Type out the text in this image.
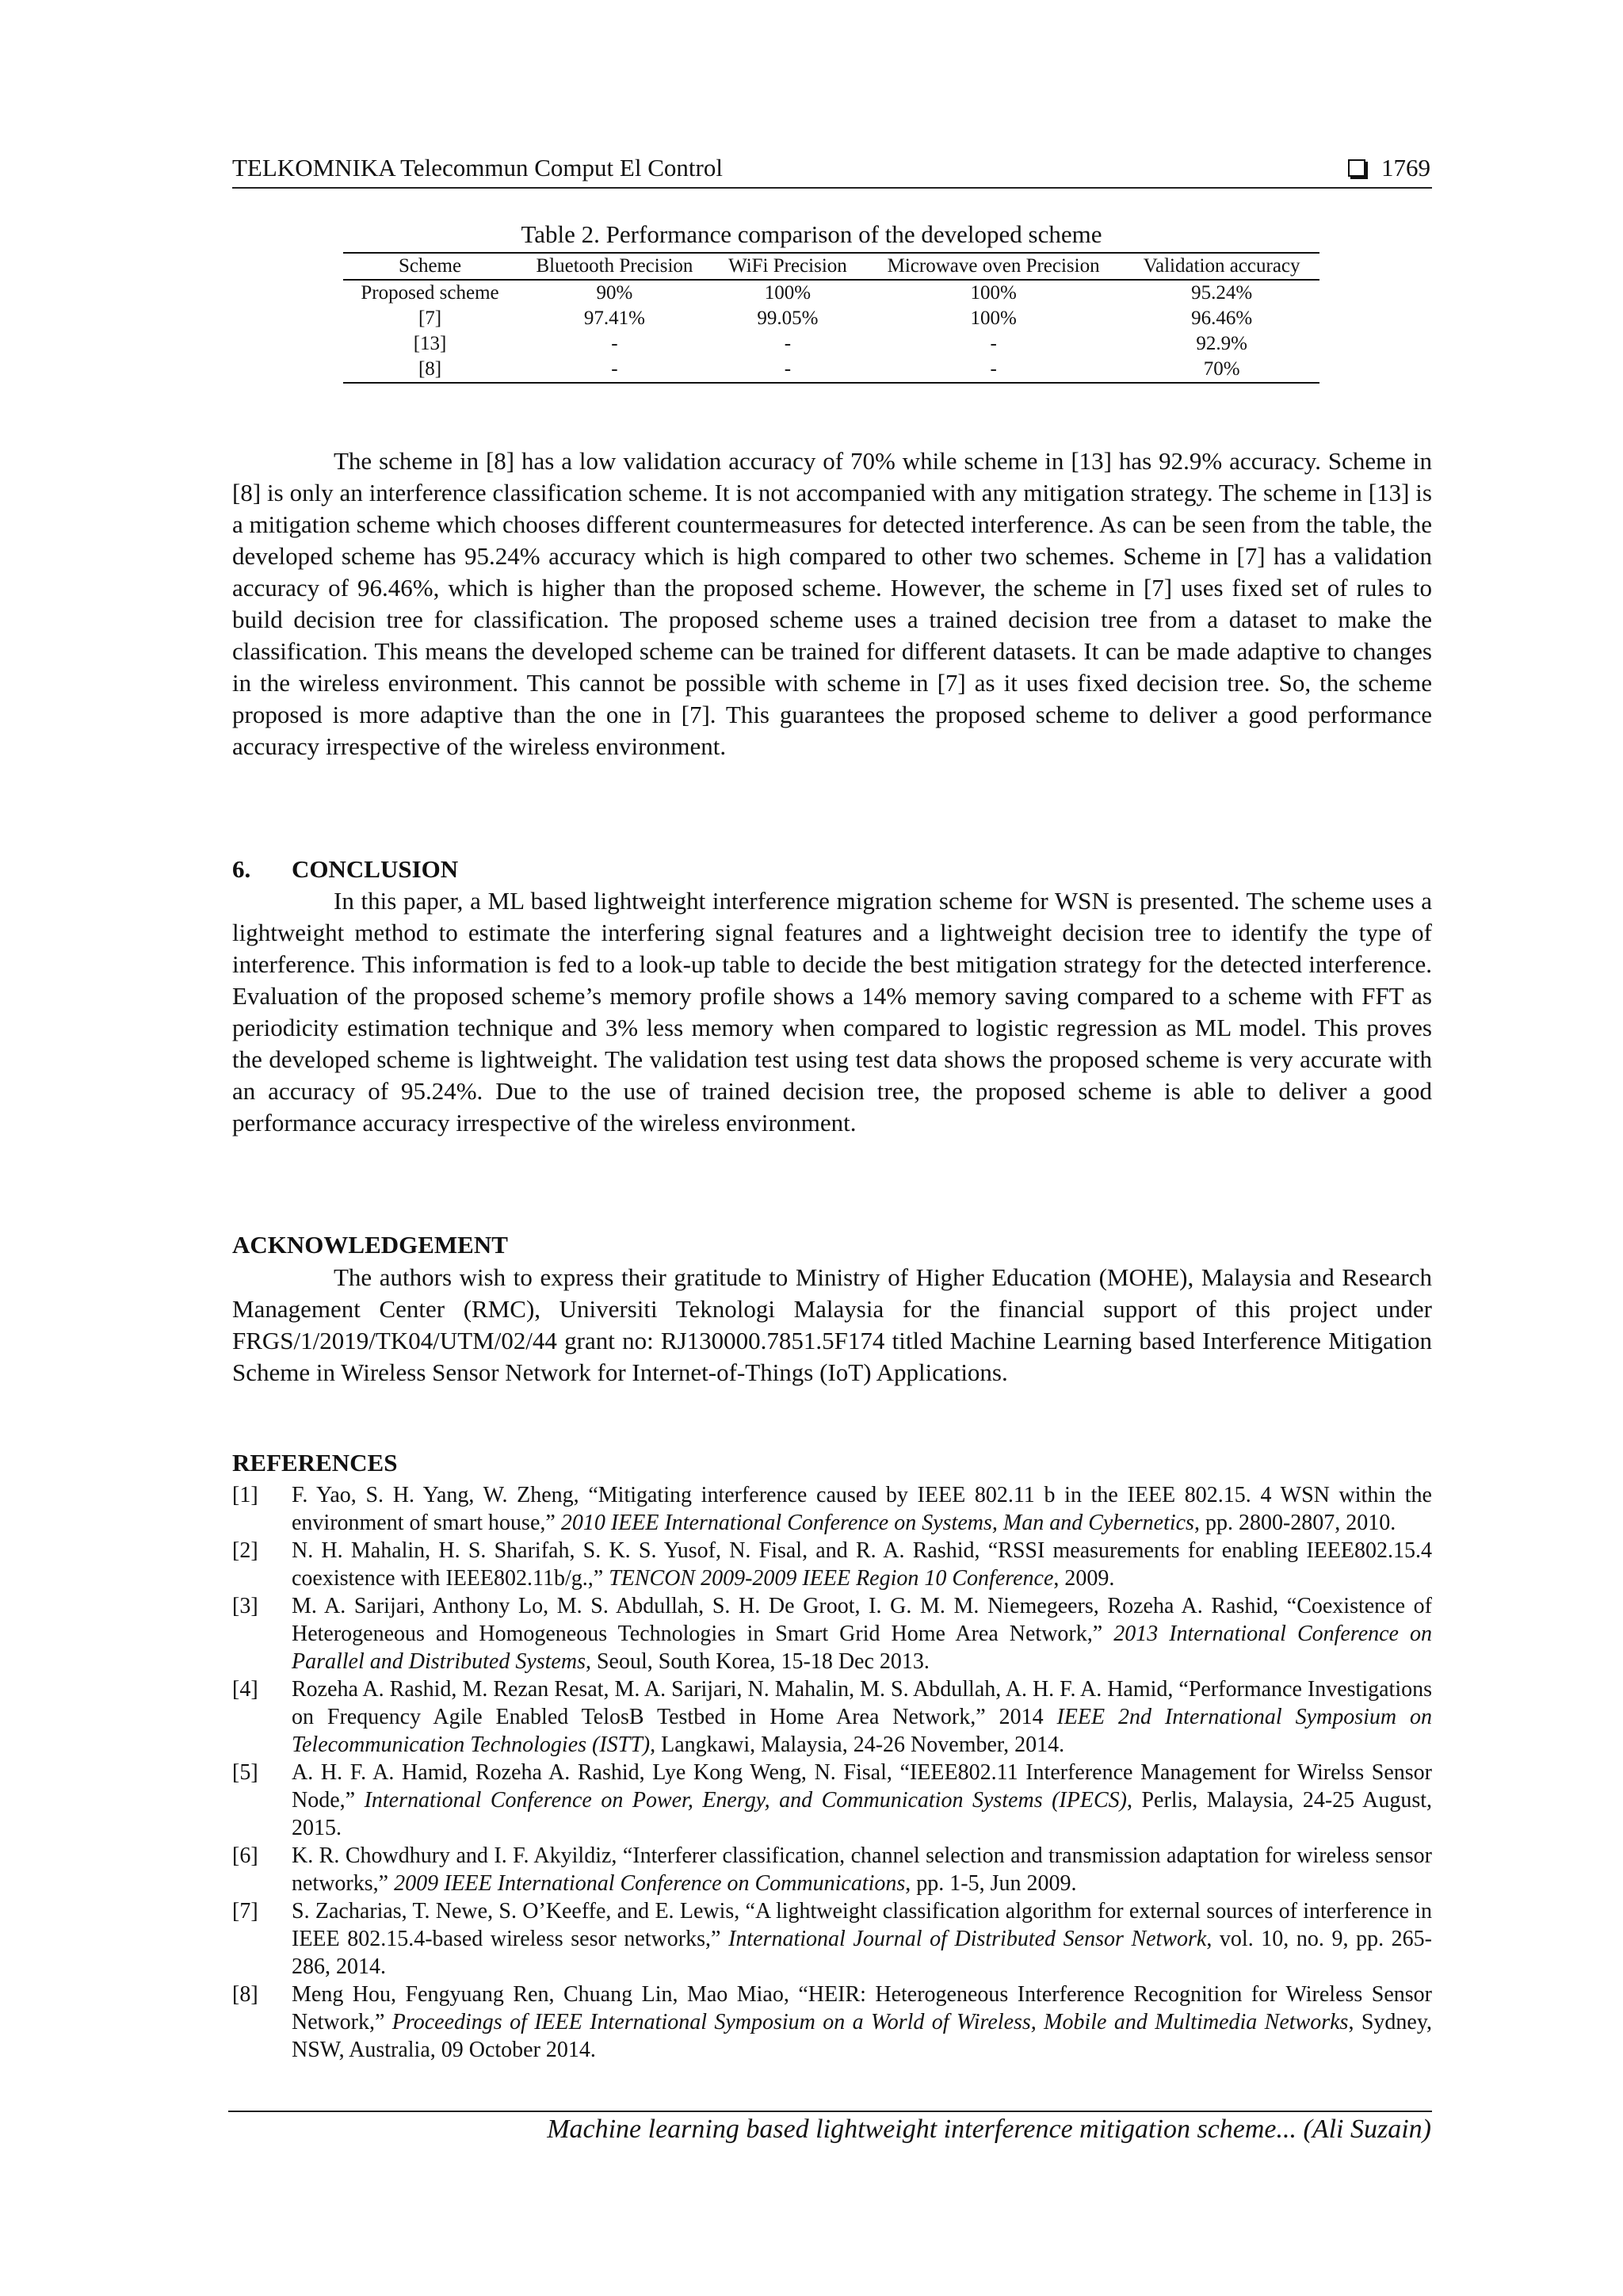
TELKOMNIKA Telecommun Comput El Control	1769
Table 2. Performance comparison of the developed scheme
Scheme	Bluetooth Precision	WiFi Precision	Microwave oven Precision	Validation accuracy
Proposed scheme	90%	100%	100%	95.24%
[7]	97.41%	99.05%	100%	96.46%
[13]	-	-	-	92.9%
[8]	-	-	-	70%

The scheme in [8] has a low validation accuracy of 70% while scheme in [13] has 92.9% accuracy. Scheme in [8] is only an interference classification scheme. It is not accompanied with any mitigation strategy. The scheme in [13] is a mitigation scheme which chooses different countermeasures for detected interference. As can be seen from the table, the developed scheme has 95.24% accuracy which is high compared to other two schemes. Scheme in [7] has a validation accuracy of 96.46%, which is higher than the proposed scheme. However, the scheme in [7] uses fixed set of rules to build decision tree for classification. The proposed scheme uses a trained decision tree from a dataset to make the classification. This means the developed scheme can be trained for different datasets. It can be made adaptive to changes in the wireless environment. This cannot be possible with scheme in [7] as it uses fixed decision tree. So, the scheme proposed is more adaptive than the one in [7]. This guarantees the proposed scheme to deliver a good performance accuracy irrespective of the wireless environment.

6. CONCLUSION

In this paper, a ML based lightweight interference migration scheme for WSN is presented. The scheme uses a lightweight method to estimate the interfering signal features and a lightweight decision tree to identify the type of interference. This information is fed to a look-up table to decide the best mitigation strategy for the detected interference. Evaluation of the proposed scheme’s memory profile shows a 14% memory saving compared to a scheme with FFT as periodicity estimation technique and 3% less memory when compared to logistic regression as ML model. This proves the developed scheme is lightweight. The validation test using test data shows the proposed scheme is very accurate with an accuracy of 95.24%. Due to the use of trained decision tree, the proposed scheme is able to deliver a good performance accuracy irrespective of the wireless environment.

ACKNOWLEDGEMENT

The authors wish to express their gratitude to Ministry of Higher Education (MOHE), Malaysia and Research Management Center (RMC), Universiti Teknologi Malaysia for the financial support of this project under FRGS/1/2019/TK04/UTM/02/44 grant no: RJ130000.7851.5F174 titled Machine Learning based Interference Mitigation Scheme in Wireless Sensor Network for Internet-of-Things (IoT) Applications.

REFERENCES
[1]	F. Yao, S. H. Yang, W. Zheng, “Mitigating interference caused by IEEE 802.11 b in the IEEE 802.15. 4 WSN within the environment of smart house,” 2010 IEEE International Conference on Systems, Man and Cybernetics, pp. 2800-2807, 2010.
[2]	N. H. Mahalin, H. S. Sharifah, S. K. S. Yusof, N. Fisal, and R. A. Rashid, “RSSI measurements for enabling IEEE802.15.4 coexistence with IEEE802.11b/g.,” TENCON 2009-2009 IEEE Region 10 Conference, 2009.
[3]	M. A. Sarijari, Anthony Lo, M. S. Abdullah, S. H. De Groot, I. G. M. M. Niemegeers, Rozeha A. Rashid, “Coexistence of Heterogeneous and Homogeneous Technologies in Smart Grid Home Area Network,” 2013 International Conference on Parallel and Distributed Systems, Seoul, South Korea, 15-18 Dec 2013.
[4]	Rozeha A. Rashid, M. Rezan Resat, M. A. Sarijari, N. Mahalin, M. S. Abdullah, A. H. F. A. Hamid, “Performance Investigations on Frequency Agile Enabled TelosB Testbed in Home Area Network,” 2014 IEEE 2nd International Symposium on Telecommunication Technologies (ISTT), Langkawi, Malaysia, 24-26 November, 2014.
[5]	A. H. F. A. Hamid, Rozeha A. Rashid, Lye Kong Weng, N. Fisal, “IEEE802.11 Interference Management for Wirelss Sensor Node,” International Conference on Power, Energy, and Communication Systems (IPECS), Perlis, Malaysia, 24-25 August, 2015.
[6]	K. R. Chowdhury and I. F. Akyildiz, “Interferer classification, channel selection and transmission adaptation for wireless sensor networks,” 2009 IEEE International Conference on Communications, pp. 1-5, Jun 2009.
[7]	S. Zacharias, T. Newe, S. O’Keeffe, and E. Lewis, “A lightweight classification algorithm for external sources of interference in IEEE 802.15.4-based wireless sesor networks,” International Journal of Distributed Sensor Network, vol. 10, no. 9, pp. 265-286, 2014.
[8]	Meng Hou, Fengyuang Ren, Chuang Lin, Mao Miao, “HEIR: Heterogeneous Interference Recognition for Wireless Sensor Network,” Proceedings of IEEE International Symposium on a World of Wireless, Mobile and Multimedia Networks, Sydney, NSW, Australia, 09 October 2014.
Machine learning based lightweight interference mitigation scheme... (Ali Suzain)
